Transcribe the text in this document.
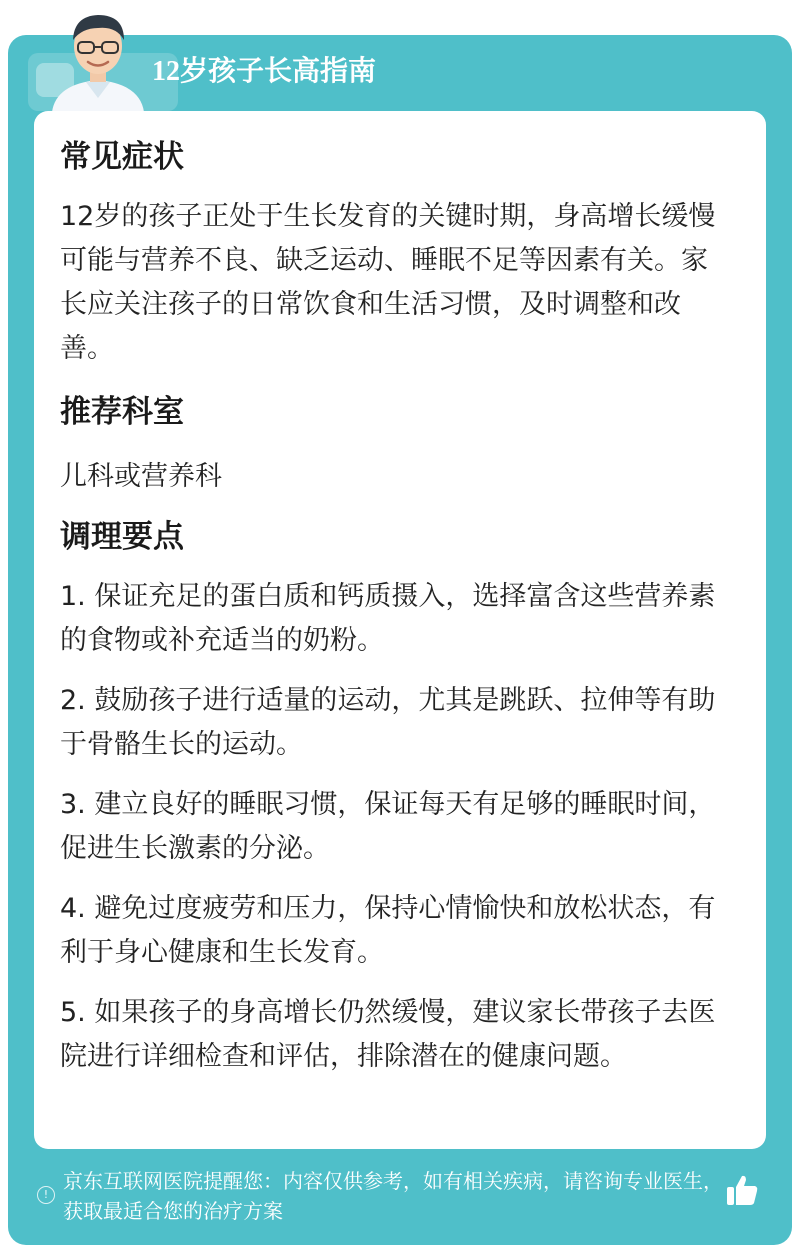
12岁孩子长高指南
常见症状

12岁的孩子正处于生长发育的关键时期，身高增长缓慢可能与营养不良、缺乏运动、睡眠不足等因素有关。家长应关注孩子的日常饮食和生活习惯，及时调整和改善。

推荐科室

儿科或营养科

调理要点

1. 保证充足的蛋白质和钙质摄入，选择富含这些营养素的食物或补充适当的奶粉。

2. 鼓励孩子进行适量的运动，尤其是跳跃、拉伸等有助于骨骼生长的运动。

3. 建立良好的睡眠习惯，保证每天有足够的睡眠时间，促进生长激素的分泌。

4. 避免过度疲劳和压力，保持心情愉快和放松状态，有利于身心健康和生长发育。

5. 如果孩子的身高增长仍然缓慢，建议家长带孩子去医院进行详细检查和评估，排除潜在的健康问题。

!
京东互联网医院提醒您：内容仅供参考，如有相关疾病，请咨询专业医生，获取最适合您的治疗方案
